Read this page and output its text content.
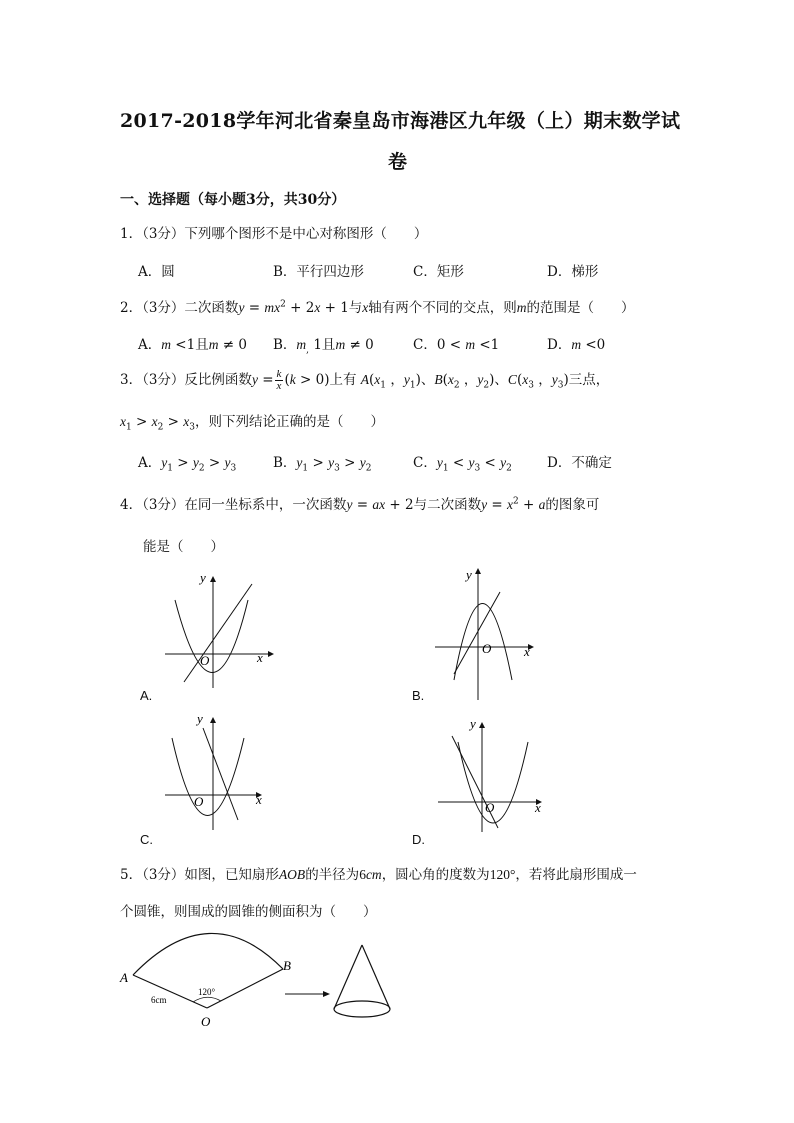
2017-2018学年河北省秦皇岛市海港区九年级（上）期末数学试
卷
一、选择题（每小题3分，共30分）
1．（3分）下列哪个图形不是中心对称图形（　　）
A．圆	B．平行四边形	C．矩形	D．梯形
2．（3分）二次函数$y = mx^2 + 2x + 1$与x轴有两个不同的交点，则m的范围是（　　）
A．m <1且m ≠ 0 B．$m_,$ 1且m ≠ 0	C．0 < m <1	D．m <0
3．（3分）反比例函数$y = \frac{k}{x} (k > 0)$上有 $A(x_1$ ，$y_1$)、$B(x_2$ ，$y_2$)、$C(x_3$ ，$y_3$)三点，
$x_1 > x_2 > x_3$，则下列结论正确的是（　　）
A．$y_1 > y_2 > y_3$	B．$y_1 > y_3 > y_2$	C．$y_1 < y_3 < y_2$	D．不确定
4．（3分）在同一坐标系中，一次函数y = ax + 2与二次函数$y = x^2 + a$的图象可
能是（　　）
y
x
O
A.
y
x
O
B.
y
x
O
C.
y
x
O
D.
5．（3分）如图，已知扇形AOB的半径为6cm，圆心角的度数为120°，若将此扇形围成一
个圆锥，则围成的圆锥的侧面积为（　　）
A
B
O
6cm
120°
